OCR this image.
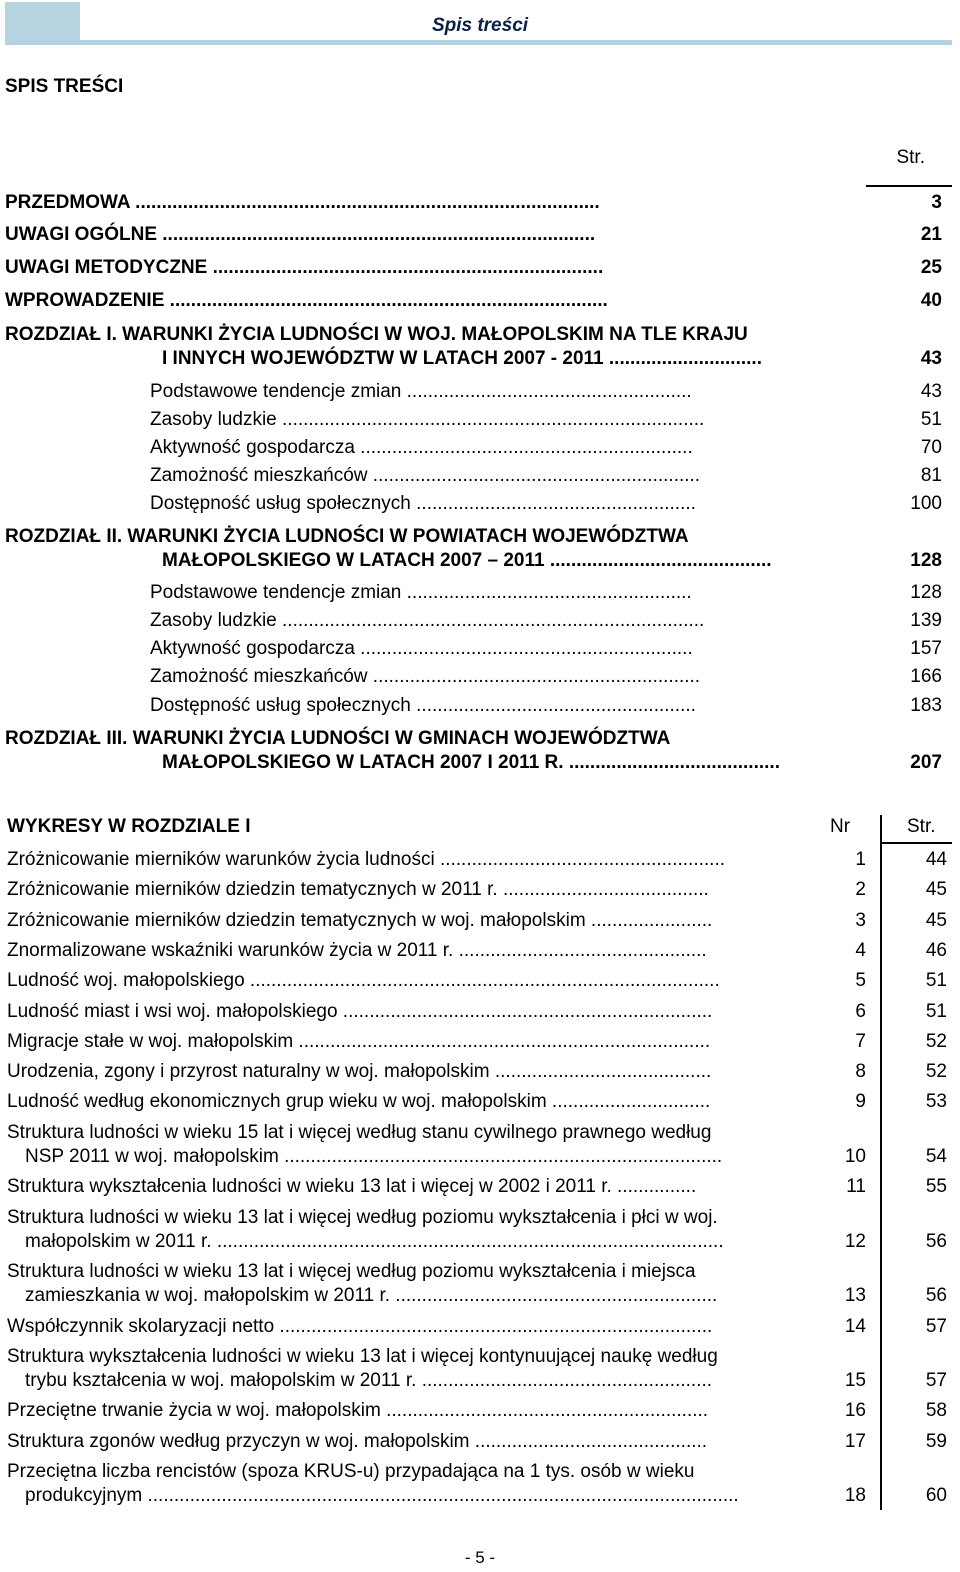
Spis treści
SPIS TREŚCI
Str.
PRZEDMOWA ........................................................................................	3
UWAGI OGÓLNE ..................................................................................	21
UWAGI METODYCZNE ..........................................................................	25
WPROWADZENIE ...................................................................................	40
ROZDZIAŁ I. WARUNKI ŻYCIA LUDNOŚCI W WOJ. MAŁOPOLSKIM NA TLE KRAJU
I INNYCH WOJEWÓDZTW W LATACH 2007 - 2011 .............................	43
Podstawowe tendencje zmian ......................................................	43
Zasoby ludzkie ................................................................................	51
Aktywność gospodarcza ...............................................................	70
Zamożność mieszkańców ..............................................................	81
Dostępność usług społecznych .....................................................	100
ROZDZIAŁ II. WARUNKI ŻYCIA LUDNOŚCI W POWIATACH WOJEWÓDZTWA
MAŁOPOLSKIEGO W LATACH 2007 – 2011 ..........................................	128
Podstawowe tendencje zmian ......................................................	128
Zasoby ludzkie ................................................................................	139
Aktywność gospodarcza ...............................................................	157
Zamożność mieszkańców ..............................................................	166
Dostępność usług społecznych .....................................................	183
ROZDZIAŁ III. WARUNKI ŻYCIA LUDNOŚCI W GMINACH WOJEWÓDZTWA
MAŁOPOLSKIEGO W LATACH 2007 I 2011 R. ........................................	207
WYKRESY W ROZDZIALE I	Nr	Str.
Zróżnicowanie mierników warunków życia ludności ......................................................	1	44
Zróżnicowanie mierników dziedzin tematycznych w 2011 r. .......................................	2	45
Zróżnicowanie mierników dziedzin tematycznych w woj. małopolskim .......................	3	45
Znormalizowane wskaźniki warunków życia w 2011 r. ...............................................	4	46
Ludność woj. małopolskiego .........................................................................................	5	51
Ludność miast i wsi woj. małopolskiego ......................................................................	6	51
Migracje stałe w woj. małopolskim ..............................................................................	7	52
Urodzenia, zgony i przyrost naturalny w woj. małopolskim .........................................	8	52
Ludność według ekonomicznych grup wieku w woj. małopolskim ..............................	9	53
Struktura ludności w wieku 15 lat i więcej według stanu cywilnego prawnego według
NSP 2011 w woj. małopolskim ...................................................................................	10	54
Struktura wykształcenia ludności w wieku 13 lat i więcej w 2002 i 2011 r. ...............	11	55
Struktura ludności w wieku 13 lat i więcej według poziomu wykształcenia i płci w woj.
małopolskim w 2011 r. ................................................................................................	12	56
Struktura ludności w wieku 13 lat i więcej według poziomu wykształcenia i miejsca
zamieszkania w woj. małopolskim w 2011 r. .............................................................	13	56
Współczynnik skolaryzacji netto ..................................................................................	14	57
Struktura wykształcenia ludności w wieku 13 lat i więcej kontynuującej naukę według
trybu kształcenia w woj. małopolskim w 2011 r. .......................................................	15	57
Przeciętne trwanie życia w woj. małopolskim .............................................................	16	58
Struktura zgonów według przyczyn w woj. małopolskim ............................................	17	59
Przeciętna liczba rencistów (spoza KRUS-u) przypadająca na 1 tys. osób w wieku
produkcyjnym ................................................................................................................	18	60
- 5 -
